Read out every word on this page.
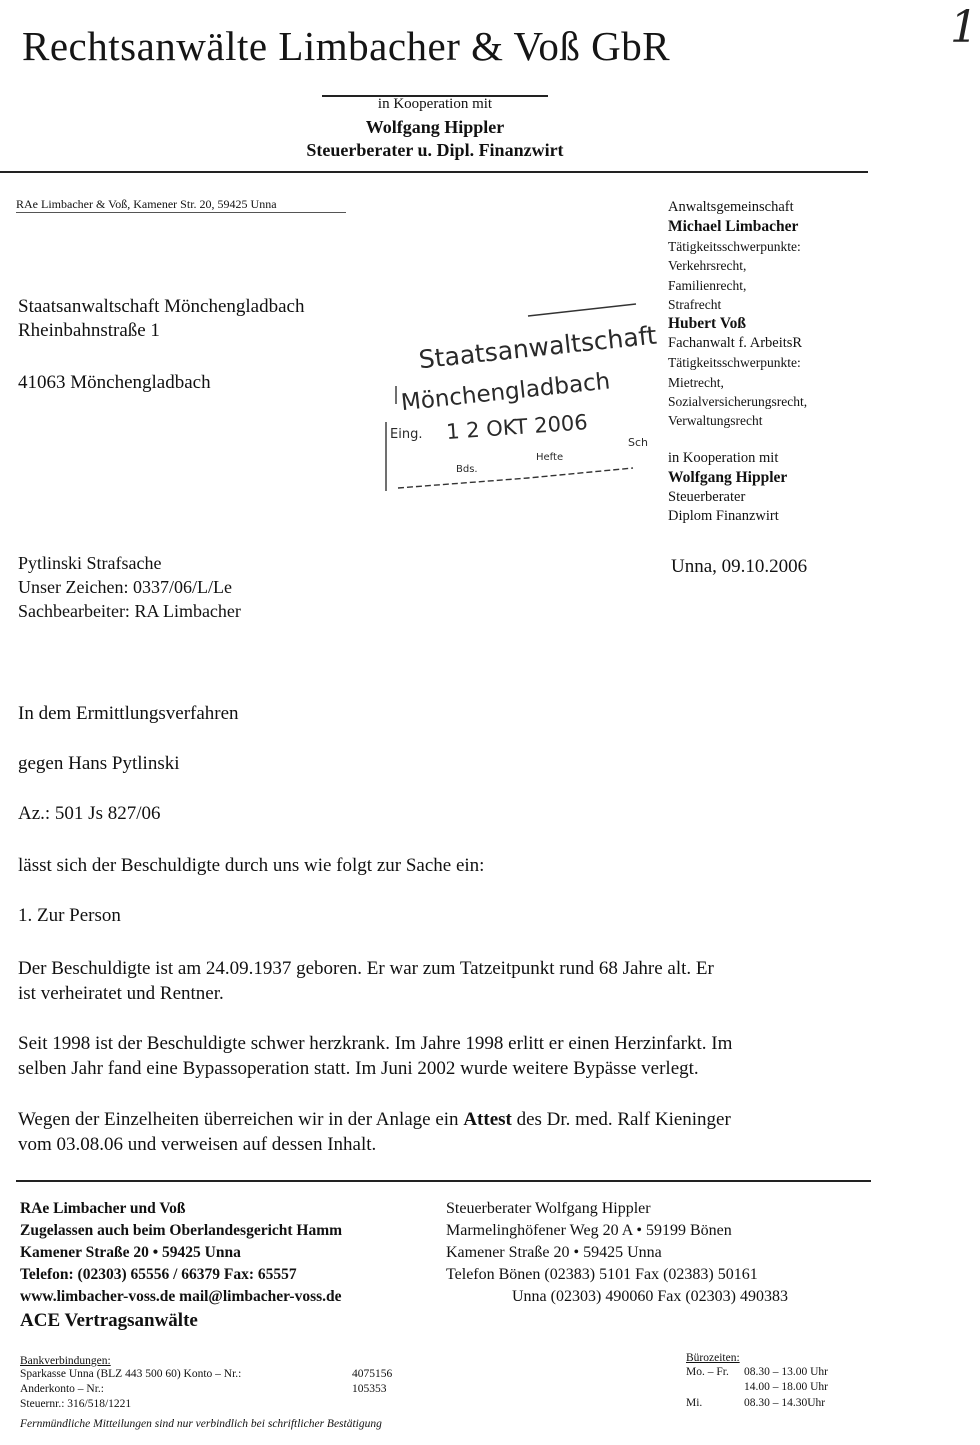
Rechtsanwälte Limbacher & Voß GbR
in Kooperation mit
Wolfgang Hippler
Steuerberater u. Dipl. Finanzwirt
1
RAe Limbacher & Voß, Kamener Str. 20, 59425 Unna
Staatsanwaltschaft Mönchengladbach
Rheinbahnstraße 1
41063 Mönchengladbach
Staatsanwaltschaft
Mönchengladbach
Eing. 1 2 OKT 2006	Sch
Bds.
Hefte
Anwaltsgemeinschaft
Michael Limbacher
Tätigkeitsschwerpunkte:
Verkehrsrecht,
Familienrecht,
Strafrecht
Hubert Voß
Fachanwalt f. ArbeitsR
Tätigkeitsschwerpunkte:
Mietrecht,
Sozialversicherungsrecht,
Verwaltungsrecht
in Kooperation mit
Wolfgang Hippler
Steuerberater
Diplom Finanzwirt
Unna, 09.10.2006
Pytlinski Strafsache
Unser Zeichen: 0337/06/L/Le
Sachbearbeiter: RA Limbacher
In dem Ermittlungsverfahren
gegen Hans Pytlinski
Az.: 501 Js 827/06
lässt sich der Beschuldigte durch uns wie folgt zur Sache ein:
1. Zur Person
Der Beschuldigte ist am 24.09.1937 geboren. Er war zum Tatzeitpunkt rund 68 Jahre alt. Er
ist verheiratet und Rentner.
Seit 1998 ist der Beschuldigte schwer herzkrank. Im Jahre 1998 erlitt er einen Herzinfarkt. Im
selben Jahr fand eine Bypassoperation statt. Im Juni 2002 wurde weitere Bypässe verlegt.
Wegen der Einzelheiten überreichen wir in der Anlage ein Attest des Dr. med. Ralf Kieninger
vom 03.08.06 und verweisen auf dessen Inhalt.
RAe Limbacher und Voß
Zugelassen auch beim Oberlandesgericht Hamm
Kamener Straße 20 • 59425 Unna
Telefon: (02303) 65556 / 66379 Fax: 65557
www.limbacher-voss.de mail@limbacher-voss.de
ACE Vertragsanwälte
Steuerberater Wolfgang Hippler
Marmelinghöfener Weg 20 A • 59199 Bönen
Kamener Straße 20 • 59425 Unna
Telefon Bönen (02383) 5101 Fax (02383) 50161
Unna (02303) 490060 Fax (02303) 490383
Bankverbindungen:
Sparkasse Unna (BLZ 443 500 60) Konto – Nr.:	4075156
Anderkonto – Nr.:	105353
Steuernr.: 316/518/1221
Bürozeiten:
Mo. – Fr. 08.30 – 13.00 Uhr
14.00 – 18.00 Uhr
Mi.	08.30 – 14.30Uhr
Fernmündliche Mitteilungen sind nur verbindlich bei schriftlicher Bestätigung
